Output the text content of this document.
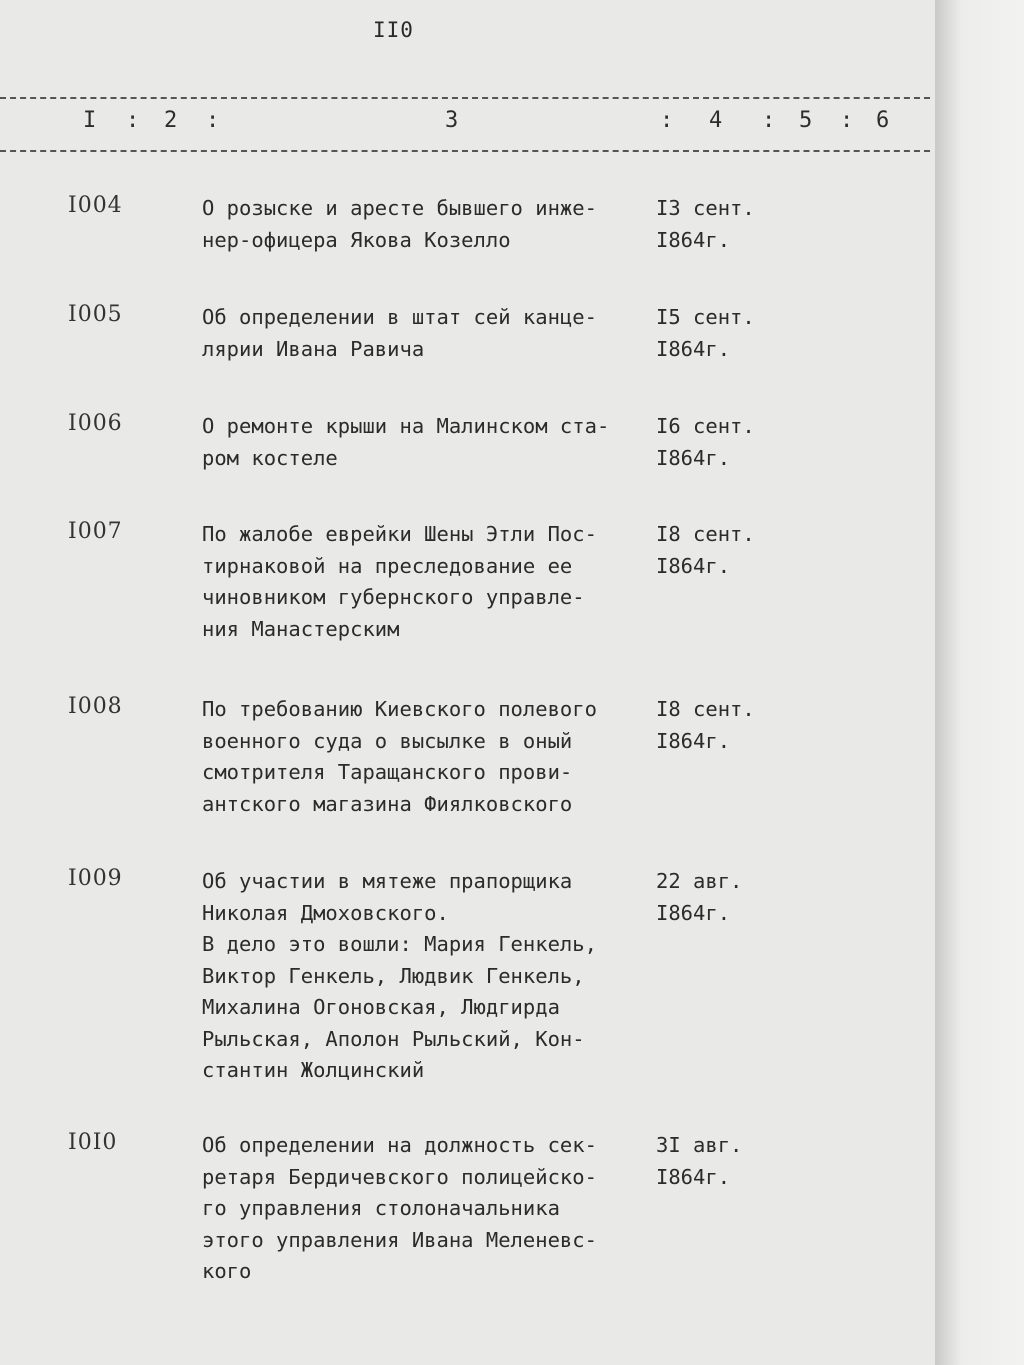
II0
I : 2 :	3	: 4 : 5 : 6
I004	О розыске и аресте бывшего инже-
нер-офицера Якова Козелло

I3 сент.
I864г.

I005	Об определении в штат сей канце-
лярии Ивана Равича

I5 сент.
I864г.

I006	О ремонте крыши на Малинском ста-
ром костеле

I6 сент.
I864г.

I007	По жалобе еврейки Шены Этли Пос-
тирнаковой на преследование ее
чиновником губернского управле-
ния Манастерским

I8 сент.
I864г.

I008	По требованию Киевского полевого
военного суда о высылке в оный
смотрителя Таращанского прови-
антского магазина Фиялковского

I8 сент.
I864г.

I009	Об участии в мятеже прапорщика
Николая Дмоховского.
В дело это вошли: Мария Генкель,
Виктор Генкель, Людвик Генкель,
Михалина Огоновская, Людгирда
Рыльская, Аполон Рыльский, Кон-
стантин Жолцинский

22 авг.
I864г.

I0I0	Об определении на должность сек-
ретаря Бердичевского полицейско-
го управления столоначальника
этого управления Ивана Меленевс-
кого

3I авг.
I864г.
